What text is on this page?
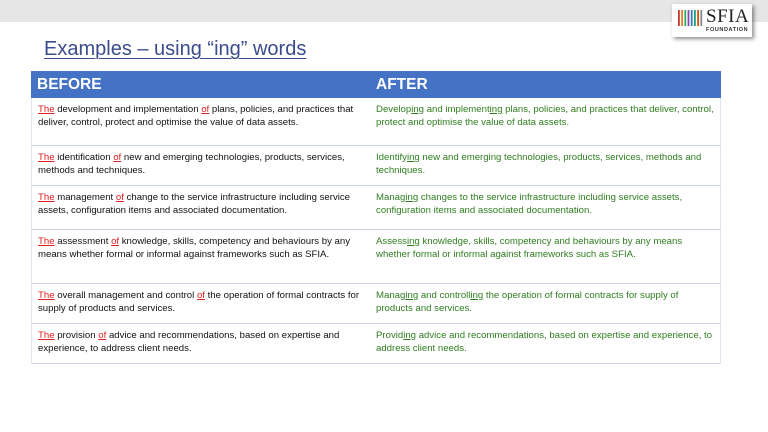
SFIA
FOUNDATION
Examples – using “ing” words
BEFORE	AFTER
The development and implementation of plans, policies, and practices that deliver, control, protect and optimise the value of data assets.
Developing and implementing plans, policies, and practices that deliver, control, protect and optimise the value of data assets.
The identification of new and emerging technologies, products, services, methods and techniques.
Identifying new and emerging technologies, products, services, methods and techniques.
The management of change to the service infrastructure including service assets, configuration items and associated documentation.
Managing changes to the service infrastructure including service assets, configuration items and associated documentation.
The assessment of knowledge, skills, competency and behaviours by any means whether formal or informal against frameworks such as SFIA.
Assessing knowledge, skills, competency and behaviours by any means whether formal or informal against frameworks such as SFIA.
The overall management and control of the operation of formal contracts for supply of products and services.
Managing and controlling the operation of formal contracts for supply of products and services.
The provision of advice and recommendations, based on expertise and experience, to address client needs.
Providing advice and recommendations, based on expertise and experience, to address client needs.
